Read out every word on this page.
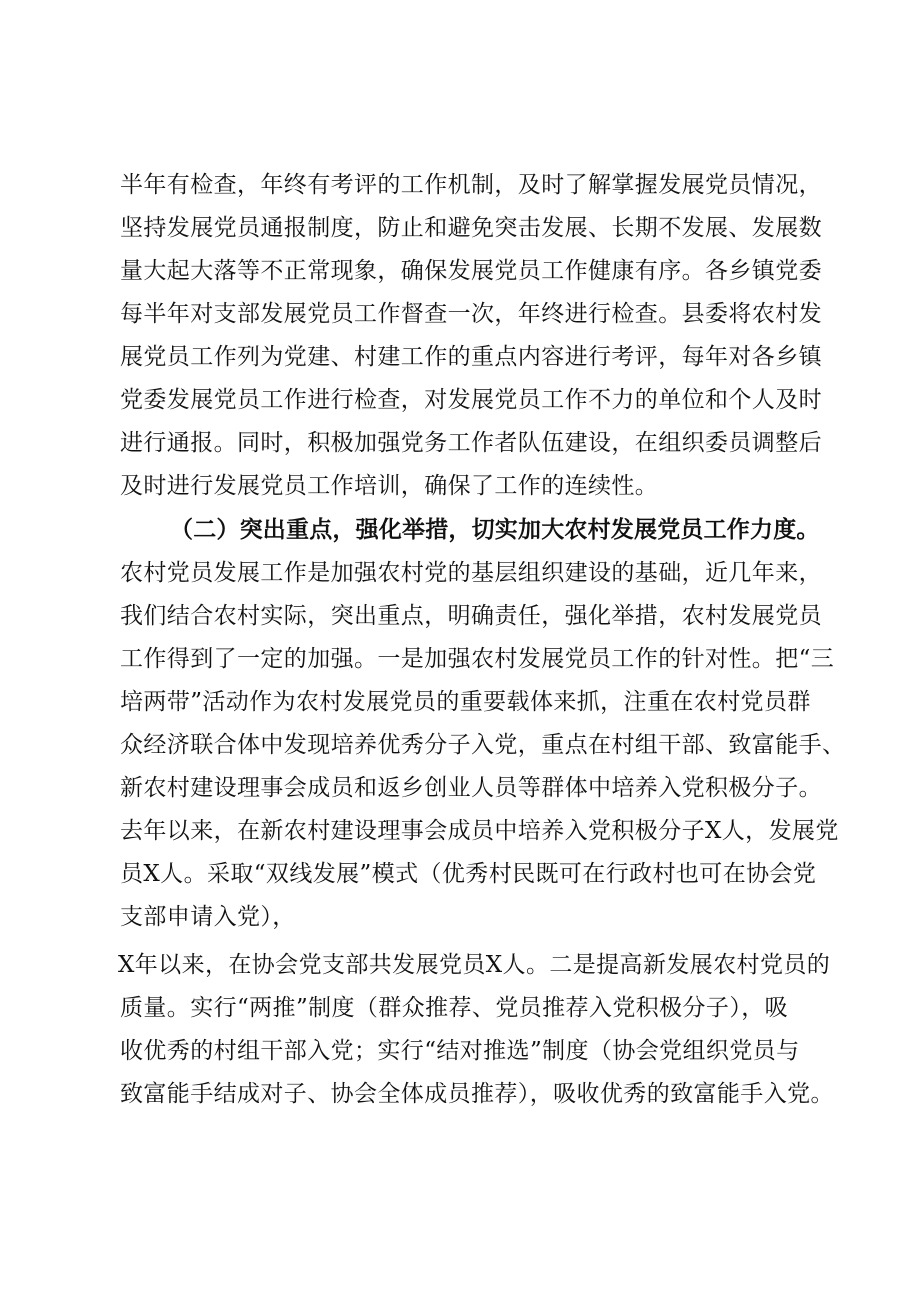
半年有检查，年终有考评的工作机制，及时了解掌握发展党员情况，

坚持发展党员通报制度，防止和避免突击发展、长期不发展、发展数

量大起大落等不正常现象，确保发展党员工作健康有序。各乡镇党委

每半年对支部发展党员工作督查一次，年终进行检查。县委将农村发

展党员工作列为党建、村建工作的重点内容进行考评，每年对各乡镇

党委发展党员工作进行检查，对发展党员工作不力的单位和个人及时

进行通报。同时，积极加强党务工作者队伍建设，在组织委员调整后

及时进行发展党员工作培训，确保了工作的连续性。

（二）突出重点，强化举措，切实加大农村发展党员工作力度。

农村党员发展工作是加强农村党的基层组织建设的基础，近几年来，

我们结合农村实际，突出重点，明确责任，强化举措，农村发展党员

工作得到了一定的加强。一是加强农村发展党员工作的针对性。把“三

培两带”活动作为农村发展党员的重要载体来抓，注重在农村党员群

众经济联合体中发现培养优秀分子入党，重点在村组干部、致富能手、

新农村建设理事会成员和返乡创业人员等群体中培养入党积极分子。

去年以来，在新农村建设理事会成员中培养入党积极分子X人，发展党

员X人。采取“双线发展”模式（优秀村民既可在行政村也可在协会党

支部申请入党），

X年以来，在协会党支部共发展党员X人。二是提高新发展农村党员的

质量。实行“两推”制度（群众推荐、党员推荐入党积极分子），吸

收优秀的村组干部入党；实行“结对推选”制度（协会党组织党员与

致富能手结成对子、协会全体成员推荐），吸收优秀的致富能手入党。
